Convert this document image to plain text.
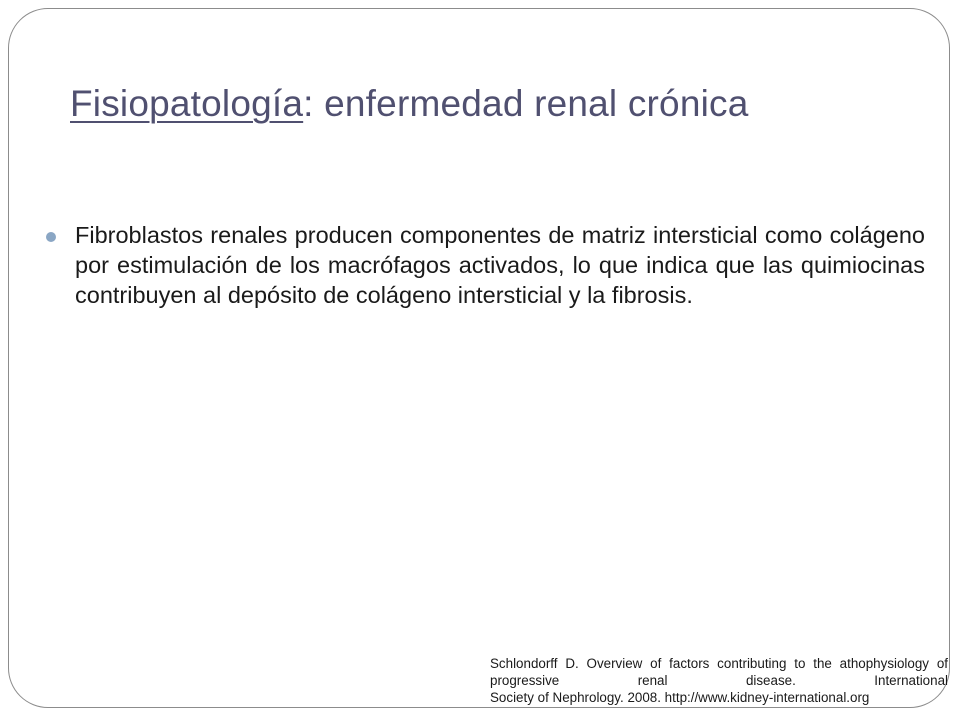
Fisiopatología: enfermedad renal crónica
Fibroblastos renales producen componentes de matriz intersticial como colágeno por estimulación de los macrófagos activados, lo que indica que las quimiocinas contribuyen al depósito de colágeno intersticial y la fibrosis.
Schlondorff D. Overview of factors contributing to the athophysiology of progressive renal disease. International
Society of Nephrology. 2008. http://www.kidney-international.org
